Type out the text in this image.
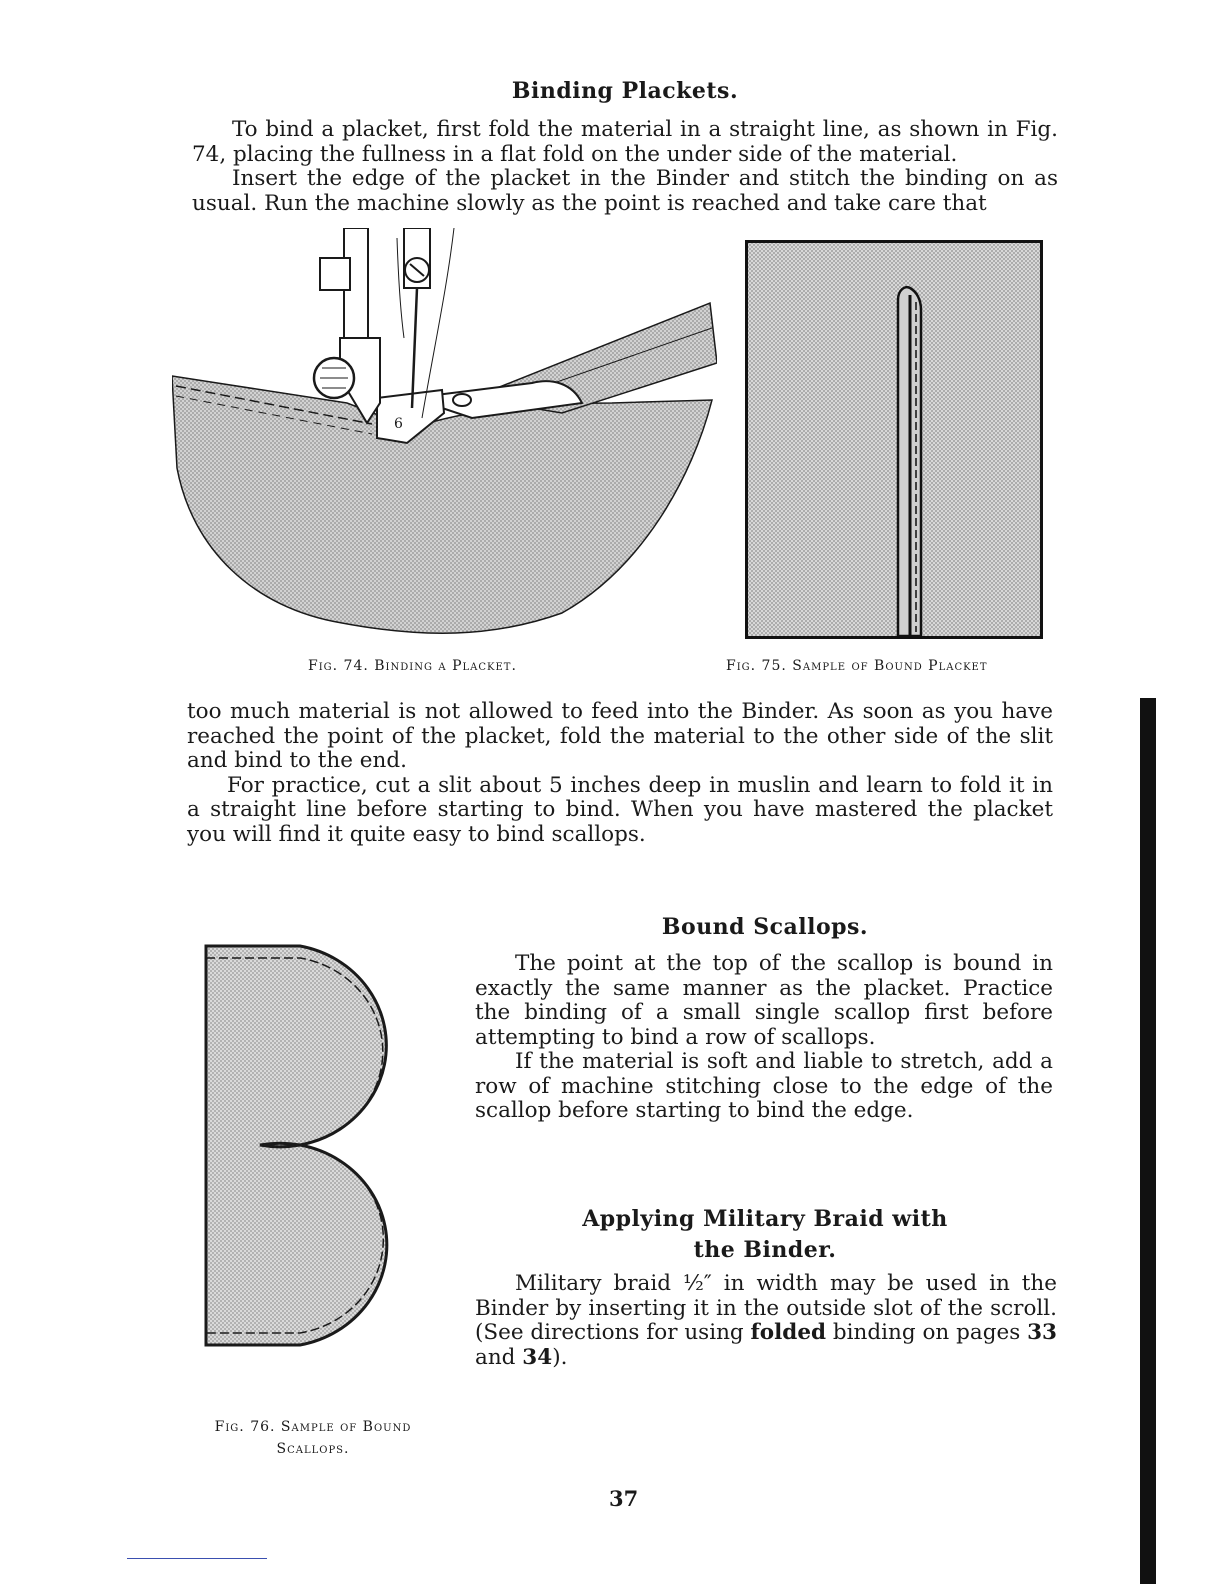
Binding Plackets.

To bind a placket, first fold the material in a straight line, as shown in Fig. 74, placing the fullness in a flat fold on the under side of the material.

Insert the edge of the placket in the Binder and stitch the binding on as usual. Run the machine slowly as the point is reached and take care that

6
Fig. 74. Binding a Placket.	Fig. 75. Sample of Bound Placket

too much material is not allowed to feed into the Binder. As soon as you have reached the point of the placket, fold the material to the other side of the slit and bind to the end.

For practice, cut a slit about 5 inches deep in muslin and learn to fold it in a straight line before starting to bind. When you have mastered the placket you will find it quite easy to bind scallops.

Fig. 76. Sample of Bound
Scallops.
Bound Scallops.

The point at the top of the scallop is bound in exactly the same manner as the placket. Practice the binding of a small single scallop first before attempting to bind a row of scallops.

If the material is soft and liable to stretch, add a row of machine stitching close to the edge of the scallop before starting to bind the edge.

Applying Military Braid with
the Binder.

Military braid ½″ in width may be used in the Binder by inserting it in the outside slot of the scroll. (See directions for using folded binding on pages 33 and 34).

37
